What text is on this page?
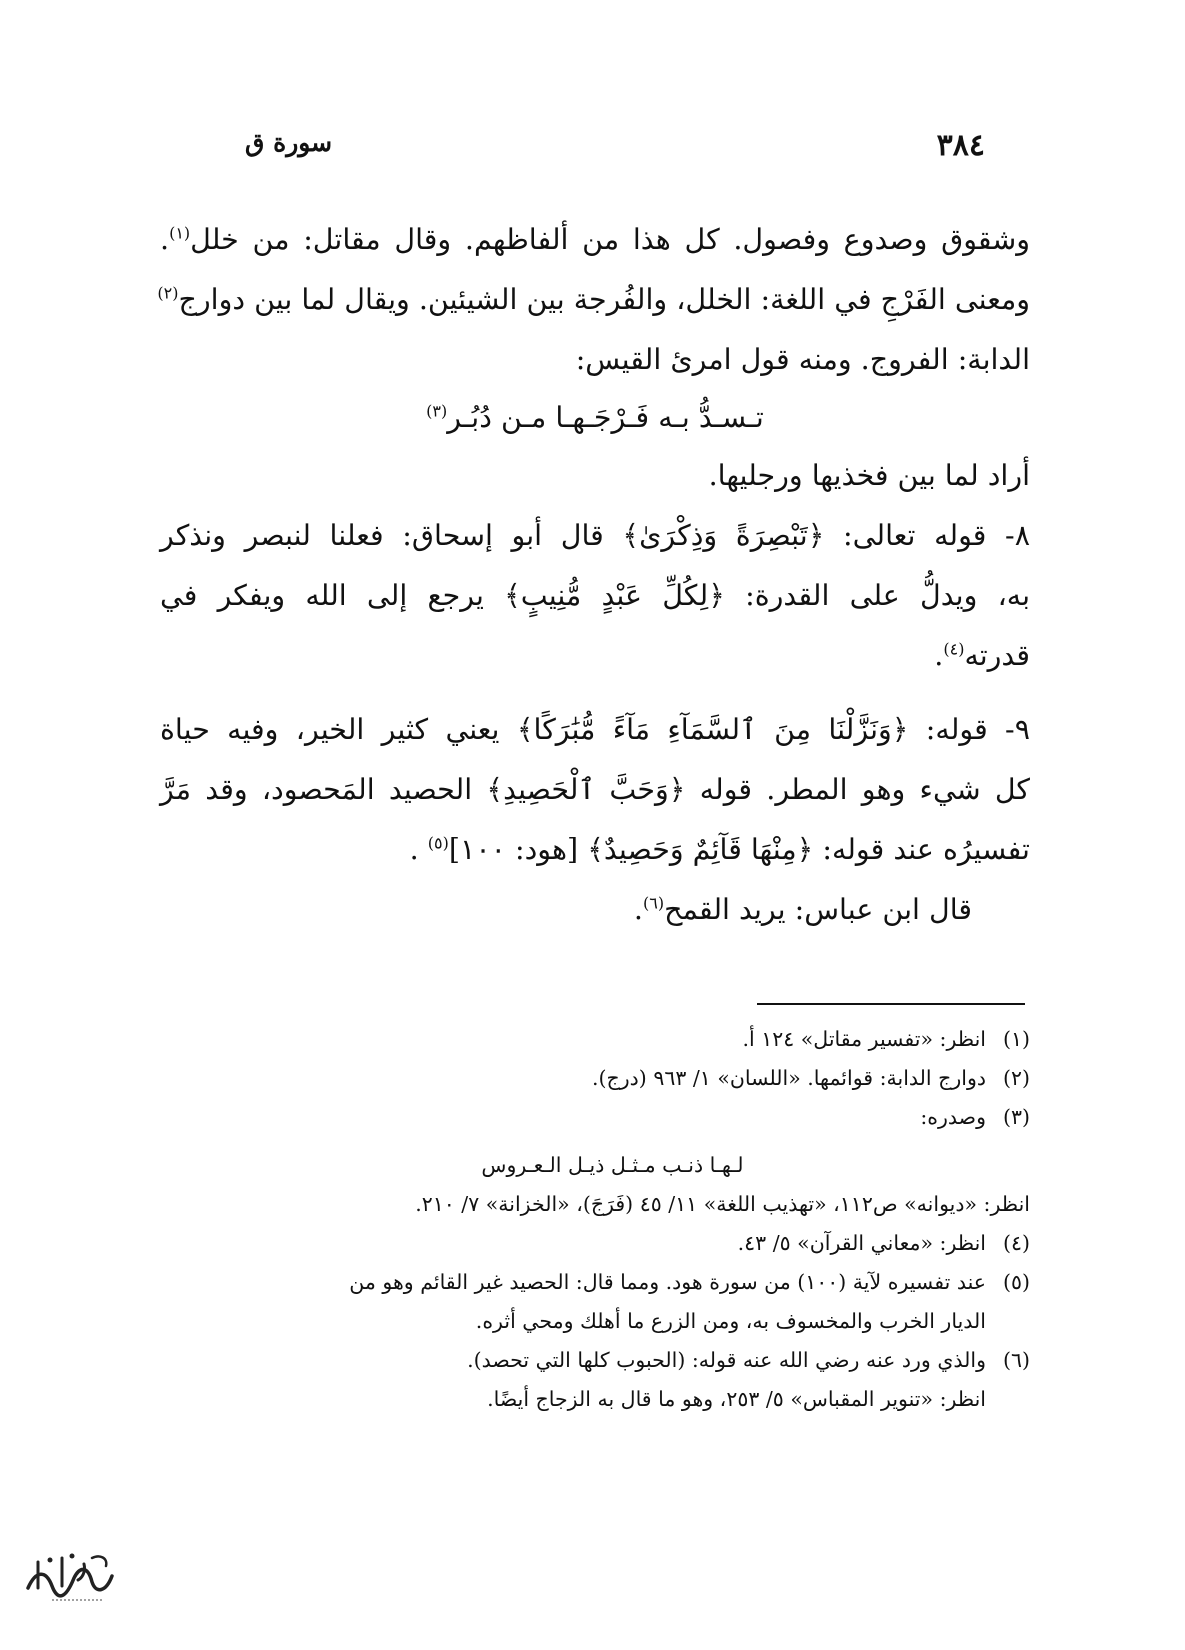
٣٨٤
سورة ق
وشقوق وصدوع وفصول. كل هذا من ألفاظهم. وقال مقاتل: من خلل$^{(١)}$.
ومعنى الفَرْجِ في اللغة: الخلل، والفُرجة بين الشيئين. ويقال لما بين دوارج$^{(٢)}$
الدابة: الفروج. ومنه قول امرئ القيس:
تـسـدُّ بـه فَـرْجَـهـا مـن دُبُـر$^{(٣)}$
أراد لما بين فخذيها ورجليها.
٨- قوله تعالى: ﴿تَبْصِرَةً وَذِكْرَىٰ﴾ قال أبو إسحاق: فعلنا لنبصر ونذكر
به، ويدلُّ على القدرة: ﴿لِكُلِّ عَبْدٍ مُّنِيبٍ﴾ يرجع إلى الله ويفكر في
قدرته$^{(٤)}$.
٩- قوله: ﴿وَنَزَّلْنَا مِنَ ٱلسَّمَآءِ مَآءً مُّبَٰرَكًا﴾ يعني كثير الخير، وفيه حياة
كل شيء وهو المطر. قوله ﴿وَحَبَّ ٱلْحَصِيدِ﴾ الحصيد المَحصود، وقد مَرَّ
تفسيرُه عند قوله: ﴿مِنْهَا قَآئِمٌ وَحَصِيدٌ﴾ [هود: ١٠٠]$^{(٥)}$ .
قال ابن عباس: يريد القمح$^{(٦)}$.
(١)انظر: «تفسير مقاتل» ١٢٤ أ.
(٢)دوارج الدابة: قوائمها. «اللسان» ١/ ٩٦٣ (درج).
(٣)وصدره:
لـهـا ذنـب مـثـل ذيـل الـعـروس
انظر: «ديوانه» ص١١٢، «تهذيب اللغة» ١١/ ٤٥ (فَرَجَ)، «الخزانة» ٧/ ٢١٠.
(٤)انظر: «معاني القرآن» ٥/ ٤٣.
(٥)عند تفسيره لآية (١٠٠) من سورة هود. ومما قال: الحصيد غير القائم وهو من
الديار الخرب والمخسوف به، ومن الزرع ما أهلك ومحي أثره.
(٦)والذي ورد عنه رضي الله عنه قوله: (الحبوب كلها التي تحصد).
انظر: «تنوير المقباس» ٥/ ٢٥٣، وهو ما قال به الزجاج أيضًا.
